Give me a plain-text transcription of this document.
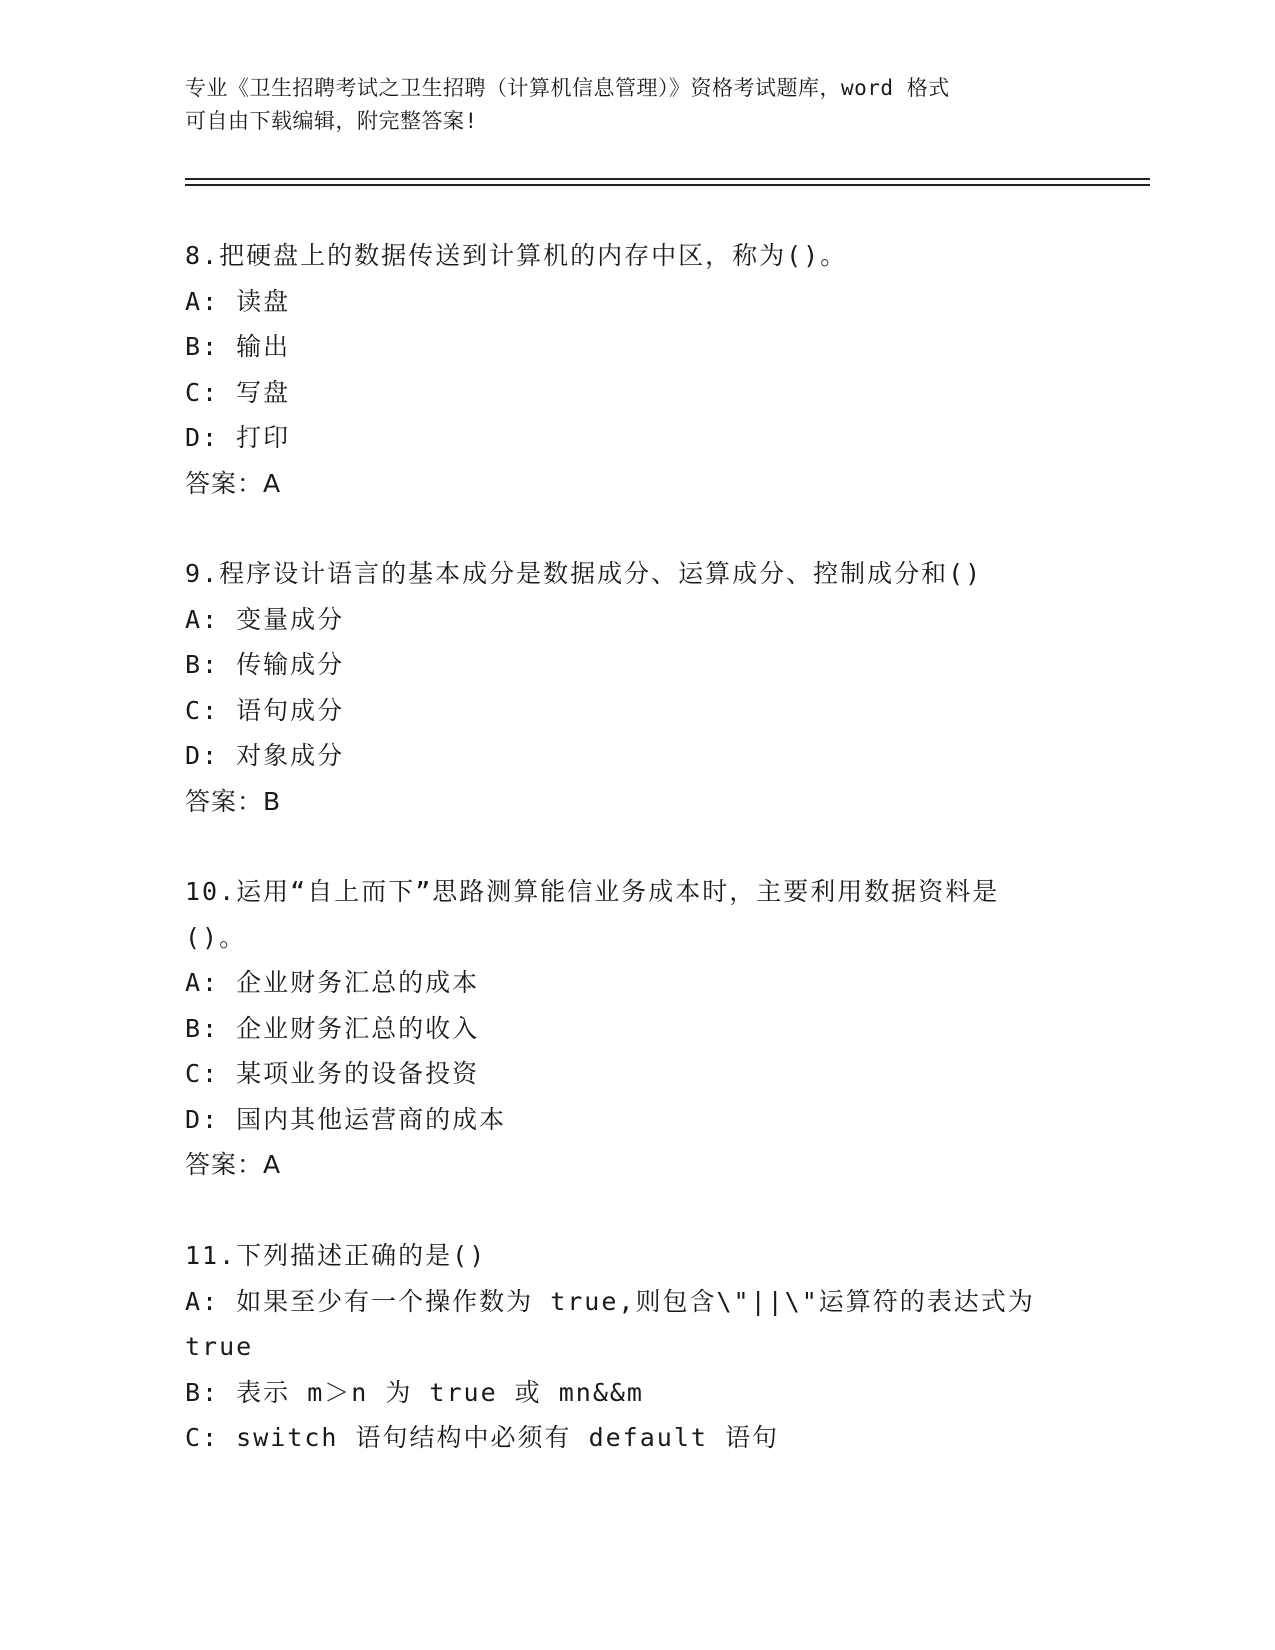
专业《卫生招聘考试之卫生招聘（计算机信息管理）》资格考试题库，word 格式
可自由下载编辑，附完整答案!
8.把硬盘上的数据传送到计算机的内存中区，称为()。
A: 读盘
B: 输出
C: 写盘
D: 打印
答案：A
9.程序设计语言的基本成分是数据成分、运算成分、控制成分和()
A: 变量成分
B: 传输成分
C: 语句成分
D: 对象成分
答案：B
10.运用“自上而下”思路测算能信业务成本时，主要利用数据资料是
()。
A: 企业财务汇总的成本
B: 企业财务汇总的收入
C: 某项业务的设备投资
D: 国内其他运营商的成本
答案：A
11.下列描述正确的是()
A: 如果至少有一个操作数为 true,则包含\"||\"运算符的表达式为
true
B: 表示 m＞n 为 true 或 mn&&m
C: switch 语句结构中必须有 default 语句
